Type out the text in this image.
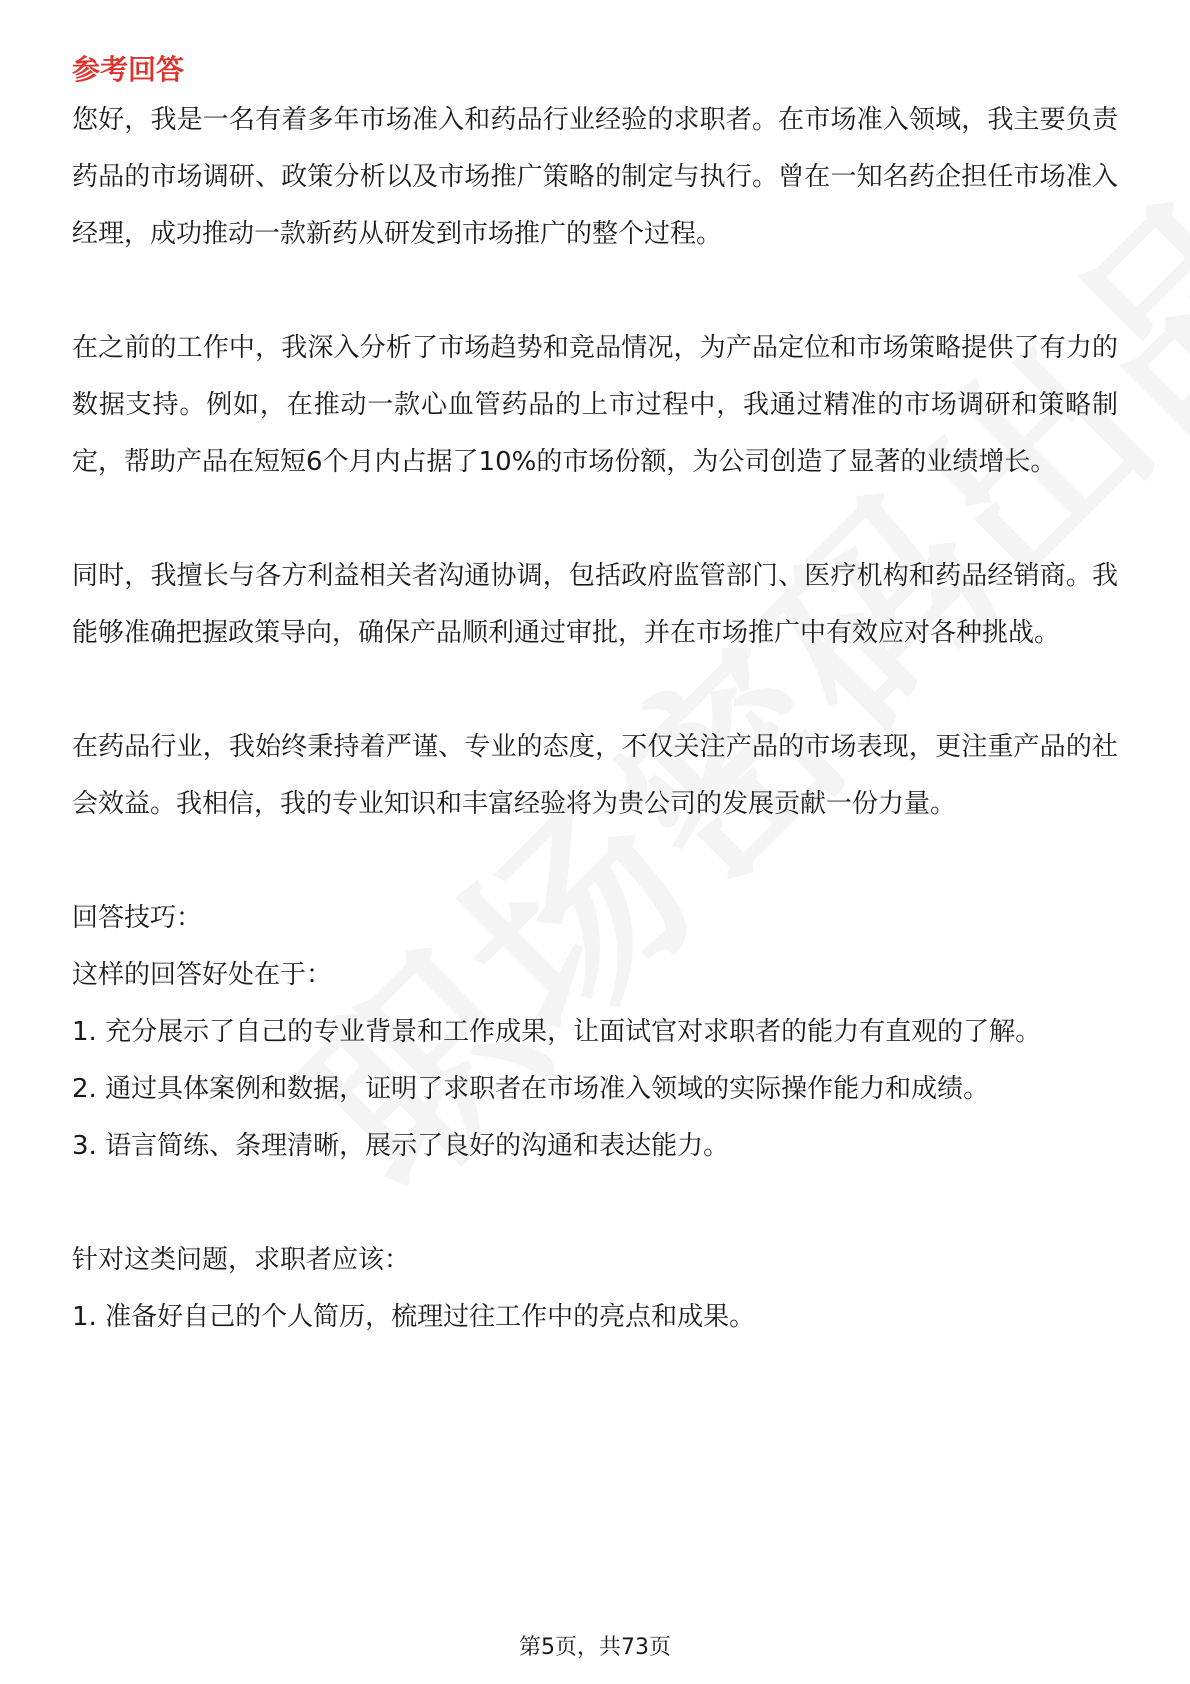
参考回答

您好，我是一名有着多年市场准入和药品行业经验的求职者。在市场准入领域，我主要负责药品的市场调研、政策分析以及市场推广策略的制定与执行。曾在一知名药企担任市场准入经理，成功推动一款新药从研发到市场推广的整个过程。

在之前的工作中，我深入分析了市场趋势和竞品情况，为产品定位和市场策略提供了有力的数据支持。例如，在推动一款心血管药品的上市过程中，我通过精准的市场调研和策略制定，帮助产品在短短6个月内占据了10%的市场份额，为公司创造了显著的业绩增长。

同时，我擅长与各方利益相关者沟通协调，包括政府监管部门、医疗机构和药品经销商。我能够准确把握政策导向，确保产品顺利通过审批，并在市场推广中有效应对各种挑战。

在药品行业，我始终秉持着严谨、专业的态度，不仅关注产品的市场表现，更注重产品的社会效益。我相信，我的专业知识和丰富经验将为贵公司的发展贡献一份力量。

回答技巧：

这样的回答好处在于：

1. 充分展示了自己的专业背景和工作成果，让面试官对求职者的能力有直观的了解。

2. 通过具体案例和数据，证明了求职者在市场准入领域的实际操作能力和成绩。

3. 语言简练、条理清晰，展示了良好的沟通和表达能力。

针对这类问题，求职者应该：

1. 准备好自己的个人简历，梳理过往工作中的亮点和成果。

第5页，共73页
